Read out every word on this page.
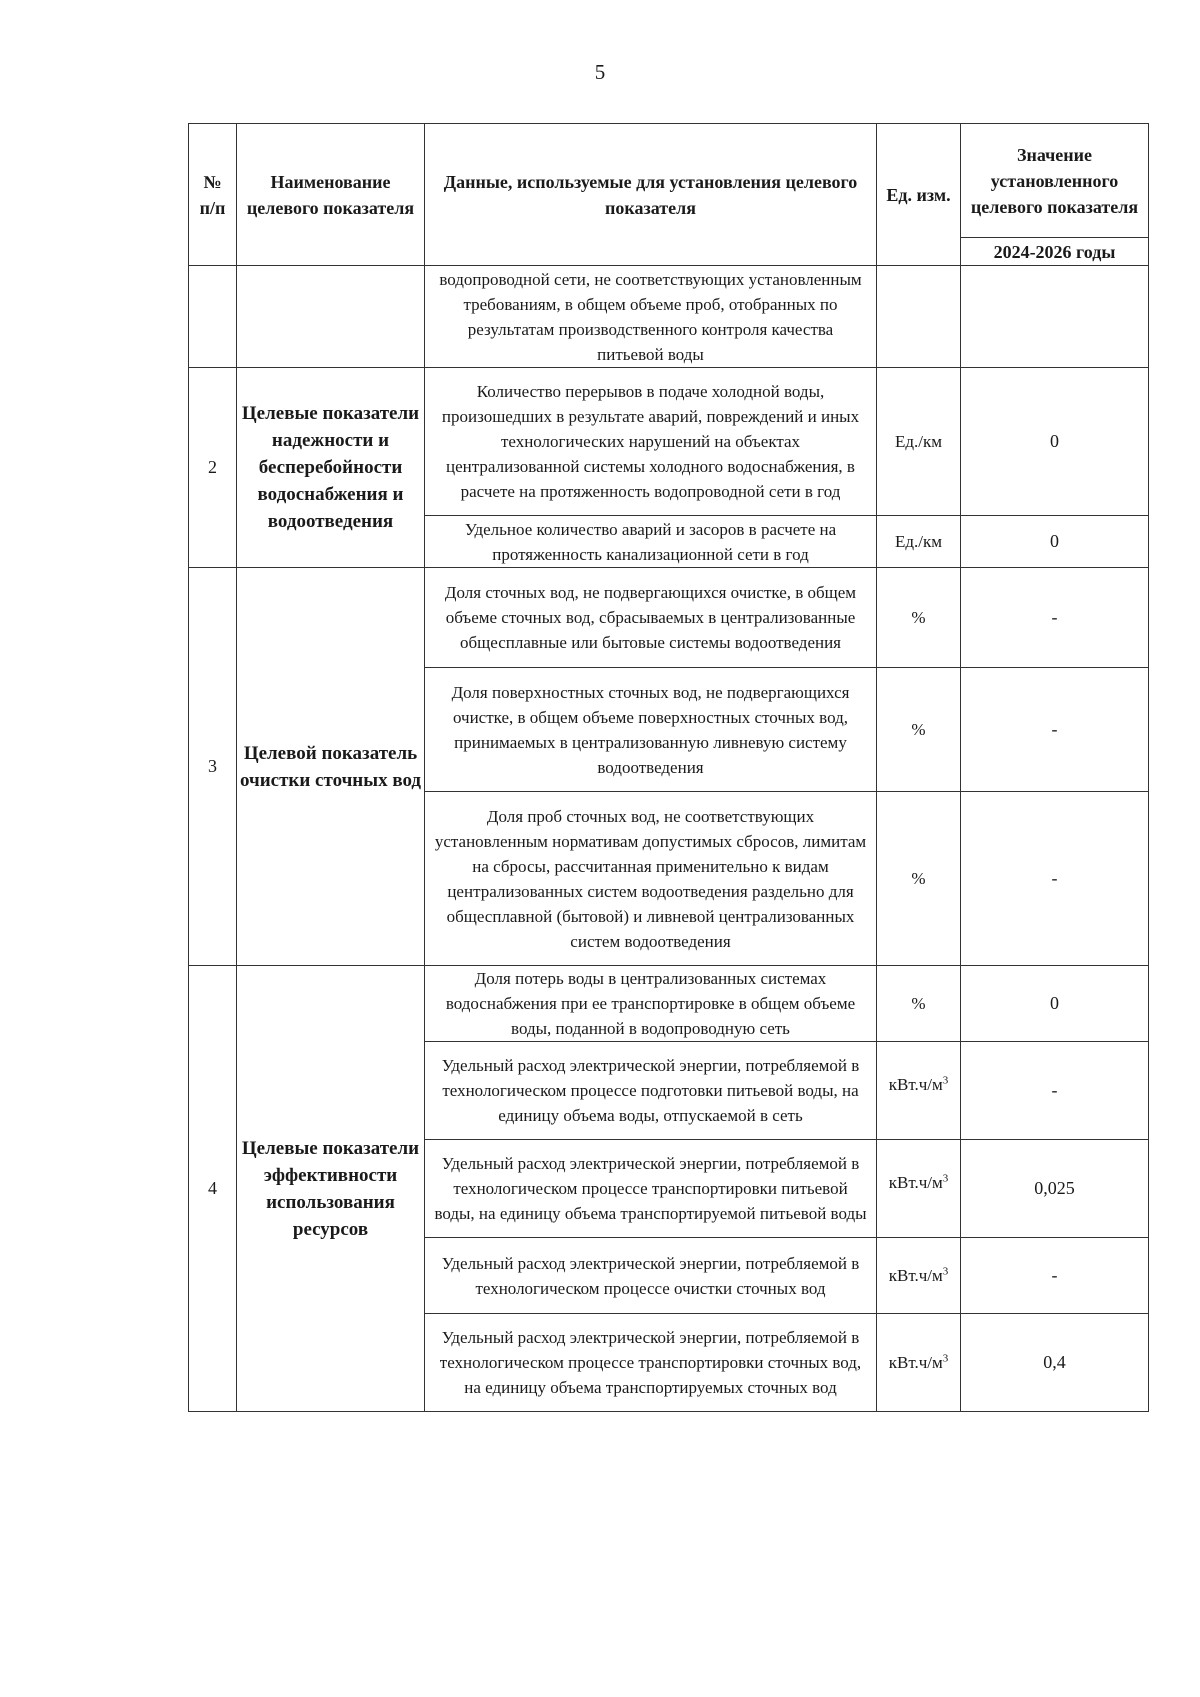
5
№ п/п	Наименование целевого показателя	Данные, используемые для установления целевого показателя	Ед. изм.	Значение установленного целевого показателя
				2024-2026 годы
		водопроводной сети, не соответствующих установленным требованиям, в общем объеме проб, отобранных по результатам производственного контроля качества питьевой воды		
2	Целевые показатели надежности и бесперебойности водоснабжения и водоотведения	Количество перерывов в подаче холодной воды, произошедших в результате аварий, повреждений и иных технологических нарушений на объектах централизованной системы холодного водоснабжения, в расчете на протяженность водопроводной сети в год	Ед./км	0
		Удельное количество аварий и засоров в расчете на протяженность канализационной сети в год	Ед./км	0
3	Целевой показатель очистки сточных вод	Доля сточных вод, не подвергающихся очистке, в общем объеме сточных вод, сбрасываемых в централизованные общесплавные или бытовые системы водоотведения	%	-
		Доля поверхностных сточных вод, не подвергающихся очистке, в общем объеме поверхностных сточных вод, принимаемых в централизованную ливневую систему водоотведения	%	-
		Доля проб сточных вод, не соответствующих установленным нормативам допустимых сбросов, лимитам на сбросы, рассчитанная применительно к видам централизованных систем водоотведения раздельно для общесплавной (бытовой) и ливневой централизованных систем водоотведения	%	-
4	Целевые показатели эффективности использования ресурсов	Доля потерь воды в централизованных системах водоснабжения при ее транспортировке в общем объеме воды, поданной в водопроводную сеть	%	0
		Удельный расход электрической энергии, потребляемой в технологическом процессе подготовки питьевой воды, на единицу объема воды, отпускаемой в сеть	$кВт.ч/м^3$	-
		Удельный расход электрической энергии, потребляемой в технологическом процессе транспортировки питьевой воды, на единицу объема транспортируемой питьевой воды	$кВт.ч/м^3$	0,025
		Удельный расход электрической энергии, потребляемой в технологическом процессе очистки сточных вод	$кВт.ч/м^3$	-
		Удельный расход электрической энергии, потребляемой в технологическом процессе транспортировки сточных вод, на единицу объема транспортируемых сточных вод	$кВт.ч/м^3$	0,4
